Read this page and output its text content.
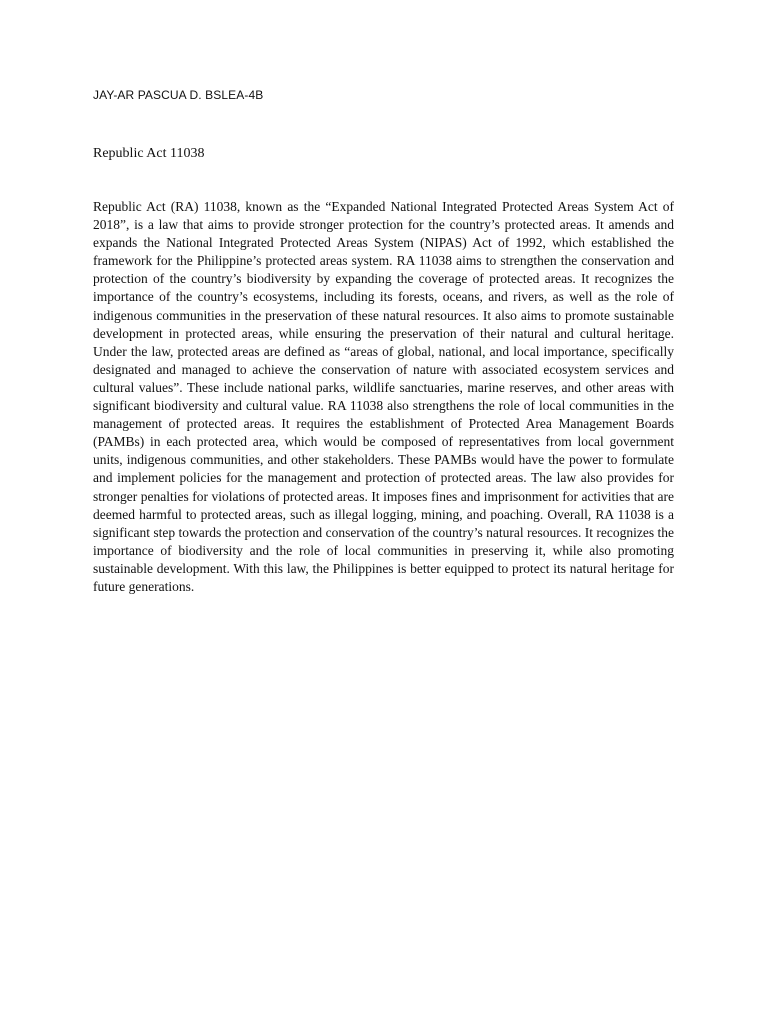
JAY-AR PASCUA D. BSLEA-4B
Republic Act 11038

Republic Act (RA) 11038, known as the “Expanded National Integrated Protected Areas System Act of 2018”, is a law that aims to provide stronger protection for the country’s protected areas. It amends and expands the National Integrated Protected Areas System (NIPAS) Act of 1992, which established the framework for the Philippine’s protected areas system. RA 11038 aims to strengthen the conservation and protection of the country’s biodiversity by expanding the coverage of protected areas. It recognizes the importance of the country’s ecosystems, including its forests, oceans, and rivers, as well as the role of indigenous communities in the preservation of these natural resources. It also aims to promote sustainable development in protected areas, while ensuring the preservation of their natural and cultural heritage. Under the law, protected areas are defined as “areas of global, national, and local importance, specifically designated and managed to achieve the conservation of nature with associated ecosystem services and cultural values”. These include national parks, wildlife sanctuaries, marine reserves, and other areas with significant biodiversity and cultural value. RA 11038 also strengthens the role of local communities in the management of protected areas. It requires the establishment of Protected Area Management Boards (PAMBs) in each protected area, which would be composed of representatives from local government units, indigenous communities, and other stakeholders. These PAMBs would have the power to formulate and implement policies for the management and protection of protected areas. The law also provides for stronger penalties for violations of protected areas. It imposes fines and imprisonment for activities that are deemed harmful to protected areas, such as illegal logging, mining, and poaching. Overall, RA 11038 is a significant step towards the protection and conservation of the country’s natural resources. It recognizes the importance of biodiversity and the role of local communities in preserving it, while also promoting sustainable development. With this law, the Philippines is better equipped to protect its natural heritage for future generations.
